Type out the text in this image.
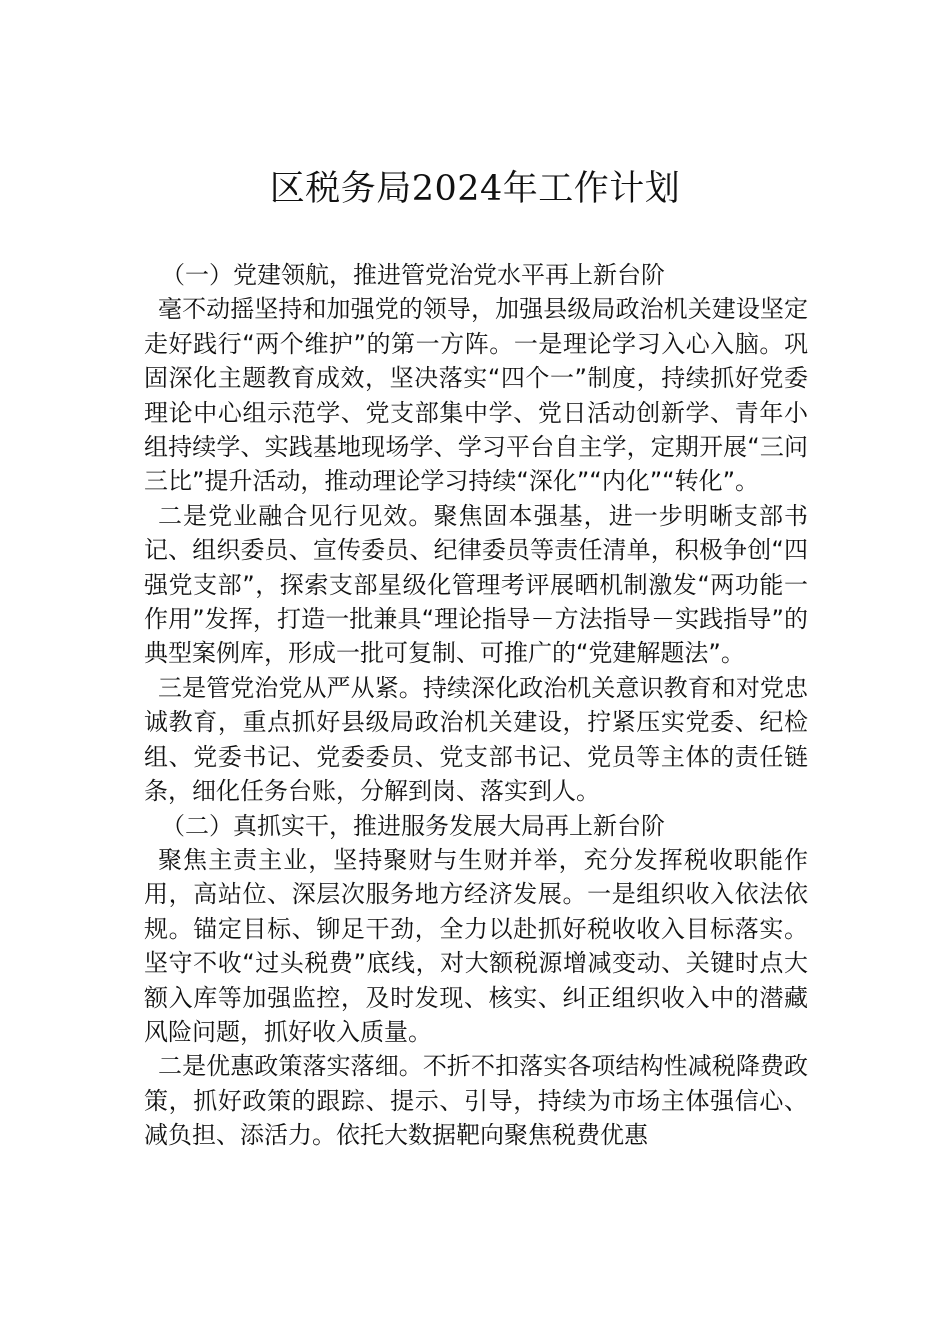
区税务局2024年工作计划

（一）党建领航，推进管党治党水平再上新台阶

毫不动摇坚持和加强党的领导，加强县级局政治机关建设坚定走好践行“两个维护”的第一方阵。一是理论学习入心入脑。巩固深化主题教育成效，坚决落实“四个一”制度，持续抓好党委理论中心组示范学、党支部集中学、党日活动创新学、青年小组持续学、实践基地现场学、学习平台自主学，定期开展“三问三比”提升活动，推动理论学习持续“深化”“内化”“转化”。

二是党业融合见行见效。聚焦固本强基，进一步明晰支部书记、组织委员、宣传委员、纪律委员等责任清单，积极争创“四强党支部”，探索支部星级化管理考评展晒机制激发“两功能一作用”发挥，打造一批兼具“理论指导－方法指导－实践指导”的典型案例库，形成一批可复制、可推广的“党建解题法”。

三是管党治党从严从紧。持续深化政治机关意识教育和对党忠诚教育，重点抓好县级局政治机关建设，拧紧压实党委、纪检组、党委书记、党委委员、党支部书记、党员等主体的责任链条，细化任务台账，分解到岗、落实到人。

（二）真抓实干，推进服务发展大局再上新台阶

聚焦主责主业，坚持聚财与生财并举，充分发挥税收职能作用，高站位、深层次服务地方经济发展。一是组织收入依法依规。锚定目标、铆足干劲，全力以赴抓好税收收入目标落实。坚守不收“过头税费”底线，对大额税源增减变动、关键时点大额入库等加强监控，及时发现、核实、纠正组织收入中的潜藏风险问题，抓好收入质量。

二是优惠政策落实落细。不折不扣落实各项结构性减税降费政策，抓好政策的跟踪、提示、引导，持续为市场主体强信心、减负担、添活力。依托大数据靶向聚焦税费优惠
